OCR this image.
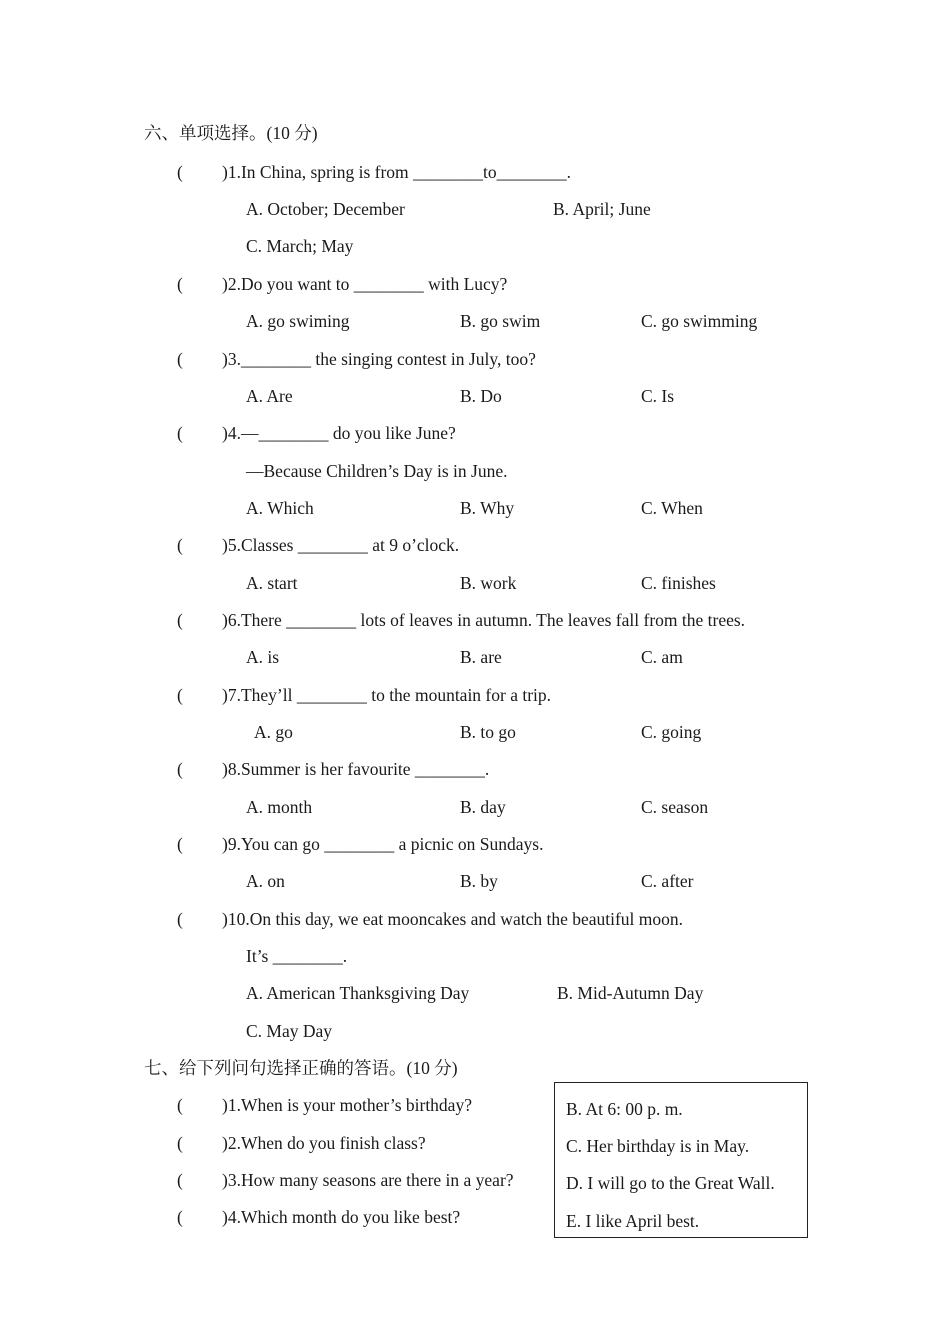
六、单项选择。(10 分)
( )1.In China, spring is from ________to________.
A. October; December	B. April; June
C. March; May
( )2.Do you want to ________ with Lucy?
A. go swiming	B. go swim	C. go swimming
( )3.________ the singing contest in July, too?
A. Are	B. Do	C. Is
( )4.—________ do you like June?
—Because Children’s Day is in June.
A. Which	B. Why	C. When
( )5.Classes ________ at 9 o’clock.
A. start	B. work	C. finishes
( )6.There ________ lots of leaves in autumn. The leaves fall from the trees.
A. is	B. are	C. am
( )7.They’ll ________ to the mountain for a trip.
A. go	B. to go	C. going
( )8.Summer is her favourite ________.
A. month	B. day	C. season
( )9.You can go ________ a picnic on Sundays.
A. on	B. by	C. after
( )10.On this day, we eat mooncakes and watch the beautiful moon.
It’s ________.
A. American Thanksgiving Day	B. Mid-Autumn Day
C. May Day
七、给下列问句选择正确的答语。(10 分)
( )1.When is your mother’s birthday?
( )2.When do you finish class?
( )3.How many seasons are there in a year?
( )4.Which month do you like best?
B. At 6: 00 p. m.
C. Her birthday is in May.
D. I will go to the Great Wall.
E. I like April best.
